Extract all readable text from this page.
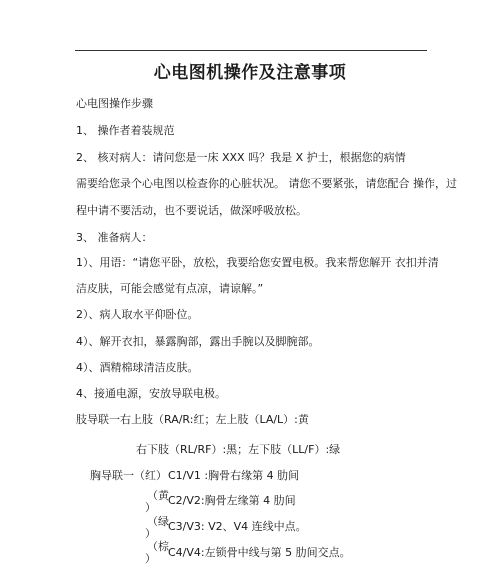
心电图机操作及注意事项
心电图操作步骤
1、 操作者着装规范
2、 核对病人：请问您是一床 XXX 吗？我是 X 护士，根据您的病情
需要给您录个心电图以检查你的心脏状况。 请您不要紧张，请您配合 操作，过
程中请不要活动，也不要说话，做深呼吸放松。
3、 准备病人：
1）、用语：“请您平卧，放松，我要给您安置电极。我来帮您解开 衣扣并清
洁皮肤，可能会感觉有点凉，请谅解。”
2）、病人取水平仰卧位。
4）、解开衣扣，暴露胸部，露出手腕以及脚腕部。
4）、酒精棉球清洁皮肤。
4、接通电源，安放导联电极。
肢导联一右上肢（RA/R:红；左上肢（LA/L）:黄
右下肢（RL/RF）:黑；左下肢（LL/F）:绿
胸导联一（红） C1/V1 :胸骨右缘第 4 肋间
（黄 C2/V2:胸骨左缘第 4 肋间
）
（绿 C3/V3: V2、V4 连线中点。
）
（棕 C4/V4:左锁骨中线与第 5 肋间交点。
）
